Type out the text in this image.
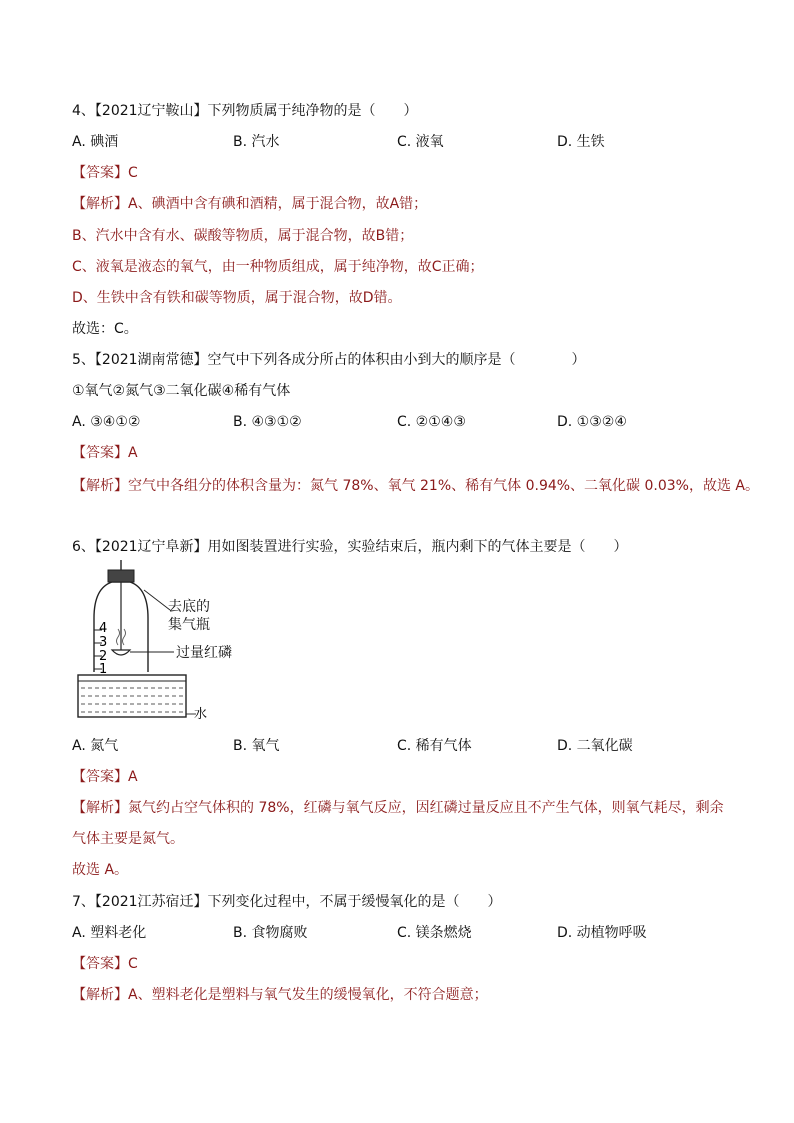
4、【2021辽宁鞍山】下列物质属于纯净物的是（　　）
A. 碘酒	B. 汽水	C. 液氧	D. 生铁
【答案】C
【解析】A、碘酒中含有碘和酒精，属于混合物，故A错；
B、汽水中含有水、碳酸等物质，属于混合物，故B错；
C、液氧是液态的氧气，由一种物质组成，属于纯净物，故C正确；
D、生铁中含有铁和碳等物质，属于混合物，故D错。
故选：C。
5、【2021湖南常德】空气中下列各成分所占的体积由小到大的顺序是（　　　　）
①氧气②氮气③二氧化碳④稀有气体
A. ③④①②	B. ④③①②	C. ②①④③	D. ①③②④
【答案】A
【解析】空气中各组分的体积含量为：氮气 78%、氧气 21%、稀有气体 0.94%、二氧化碳 0.03%，故选 A。
6、【2021辽宁阜新】用如图装置进行实验，实验结束后，瓶内剩下的气体主要是（　　）
4
3
2
1
水
去底的
集气瓶
过量红磷
A. 氮气	B. 氧气	C. 稀有气体	D. 二氧化碳
【答案】A
【解析】氮气约占空气体积的 78%，红磷与氧气反应，因红磷过量反应且不产生气体，则氧气耗尽，剩余
气体主要是氮气。
故选 A。
7、【2021江苏宿迁】下列变化过程中，不属于缓慢氧化的是（　　）
A. 塑料老化	B. 食物腐败	C. 镁条燃烧	D. 动植物呼吸
【答案】C
【解析】A、塑料老化是塑料与氧气发生的缓慢氧化，不符合题意；
